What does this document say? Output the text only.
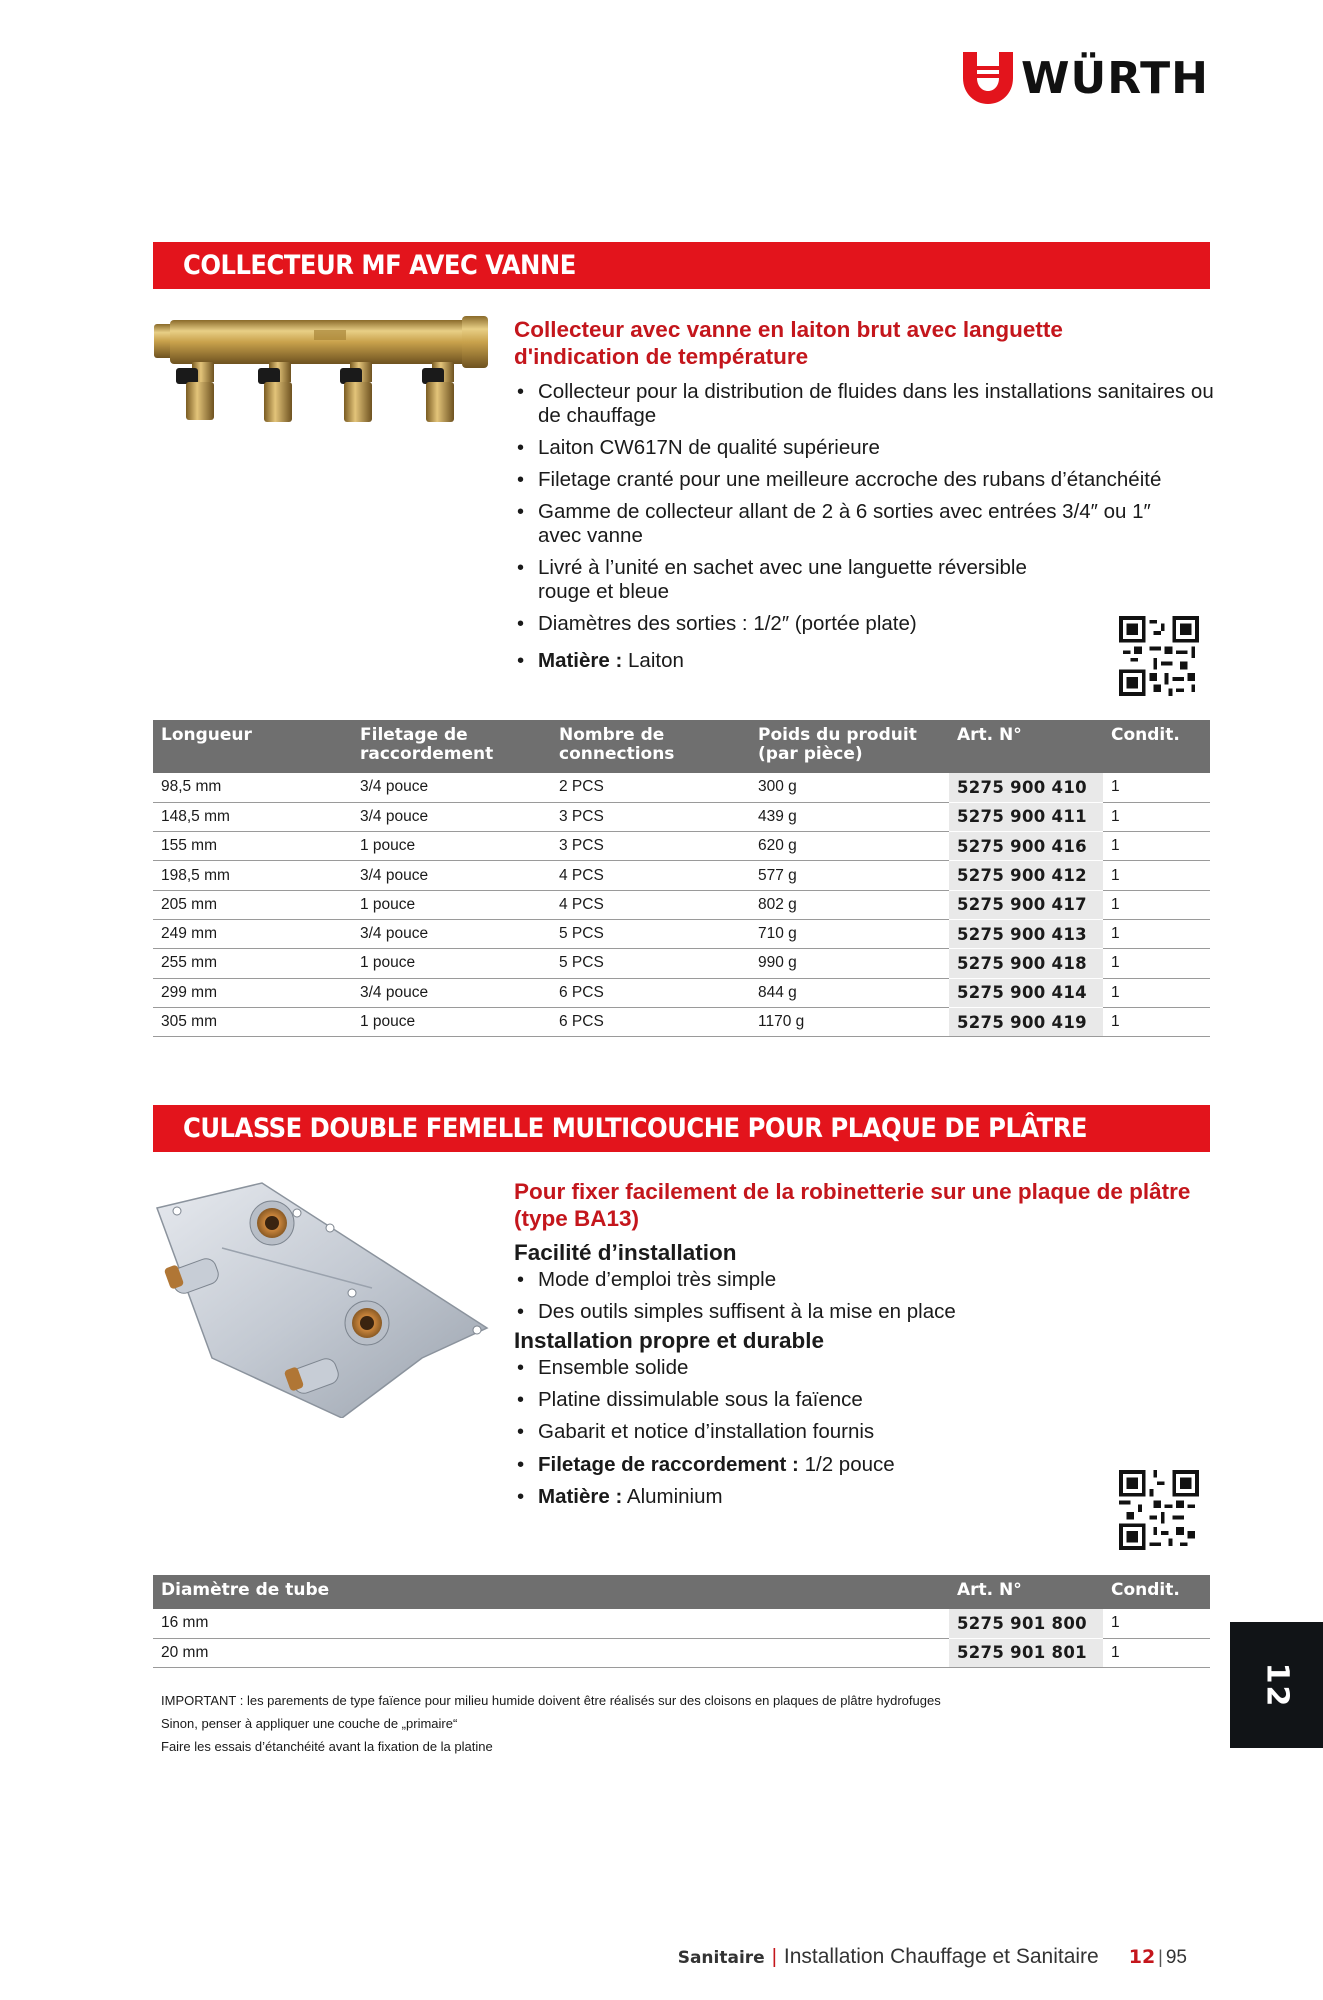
WÜRTH
COLLECTEUR MF AVEC VANNE
Collecteur avec vanne en laiton brut avec languette d'indication de température
• Collecteur pour la distribution de fluides dans les installations sanitaires ou de chauffage
• Laiton CW617N de qualité supérieure
• Filetage cranté pour une meilleure accroche des rubans d’étanchéité
• Gamme de collecteur allant de 2 à 6 sorties avec entrées 3/4″ ou 1″ avec vanne
• Livré à l’unité en sachet avec une languette réversible rouge et bleue
• Diamètres des sorties : 1/2″ (portée plate)
• Matière : Laiton
Longueur	Filetage de raccordement	Nombre de connections	Poids du produit (par pièce)	Art. N°	Condit.
98,5 mm	3/4 pouce	2 PCS	300 g	5275 900 410	1
148,5 mm	3/4 pouce	3 PCS	439 g	5275 900 411	1
155 mm	1 pouce	3 PCS	620 g	5275 900 416	1
198,5 mm	3/4 pouce	4 PCS	577 g	5275 900 412	1
205 mm	1 pouce	4 PCS	802 g	5275 900 417	1
249 mm	3/4 pouce	5 PCS	710 g	5275 900 413	1
255 mm	1 pouce	5 PCS	990 g	5275 900 418	1
299 mm	3/4 pouce	6 PCS	844 g	5275 900 414	1
305 mm	1 pouce	6 PCS	1170 g	5275 900 419	1
CULASSE DOUBLE FEMELLE MULTICOUCHE POUR PLAQUE DE PLÂTRE
Pour fixer facilement de la robinetterie sur une plaque de plâtre (type BA13)
Facilité d’installation
• Mode d’emploi très simple
• Des outils simples suffisent à la mise en place
Installation propre et durable
• Ensemble solide
• Platine dissimulable sous la faïence
• Gabarit et notice d’installation fournis
• Filetage de raccordement : 1/2 pouce
• Matière : Aluminium
Diamètre de tube	Art. N°	Condit.
16 mm	5275 901 800	1
20 mm	5275 901 801	1
IMPORTANT : les parements de type faïence pour milieu humide doivent être réalisés sur des cloisons en plaques de plâtre hydrofuges
Sinon, penser à appliquer une couche de „primaire“
Faire les essais d’étanchéité avant la fixation de la platine
12
Sanitaire | Installation Chauffage et Sanitaire 12 | 95
